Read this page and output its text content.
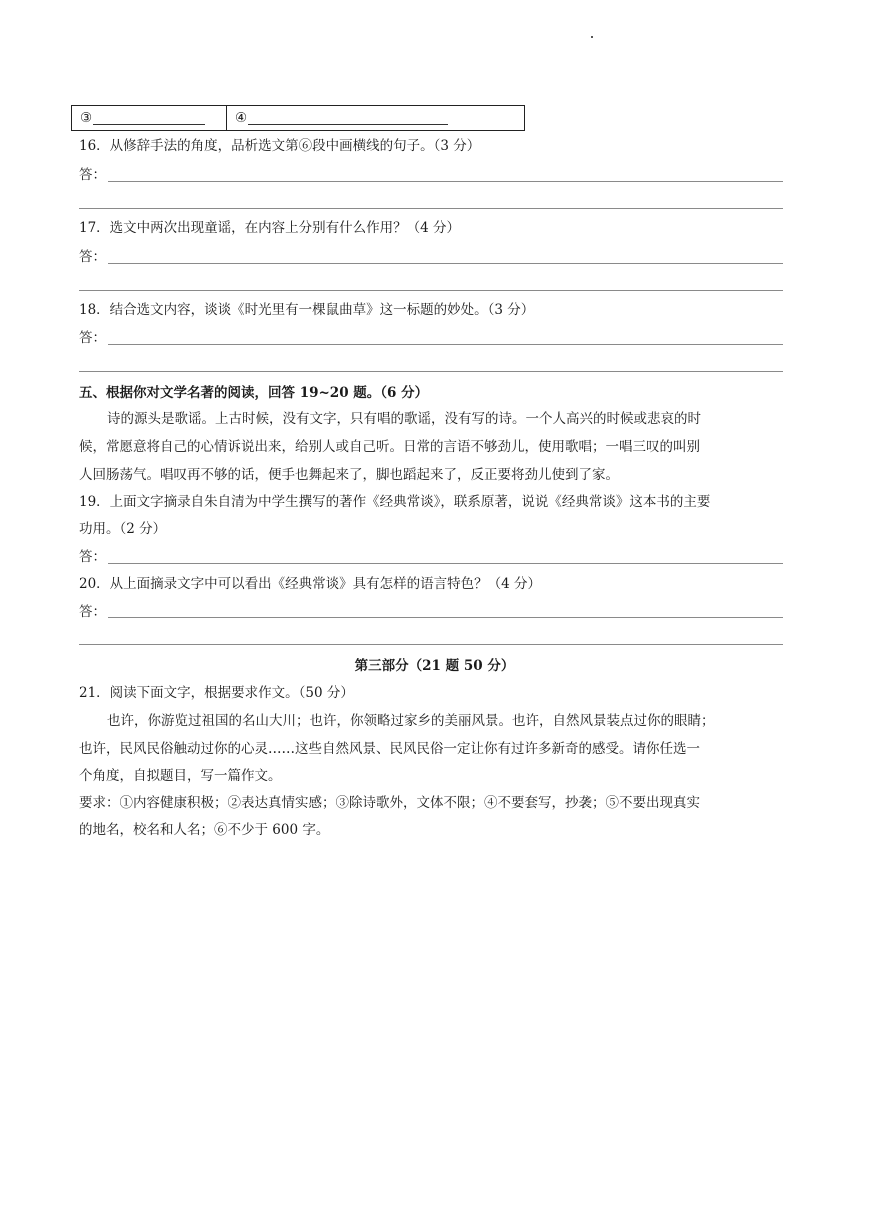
③	④
16．从修辞手法的角度，品析选文第⑥段中画横线的句子。（3 分）
答：
17．选文中两次出现童谣，在内容上分别有什么作用？（4 分）
答：
18．结合选文内容，谈谈《时光里有一棵鼠曲草》这一标题的妙处。（3 分）
答：
五、根据你对文学名著的阅读，回答 19~20 题。（6 分）
诗的源头是歌谣。上古时候，没有文字，只有唱的歌谣，没有写的诗。一个人高兴的时候或悲哀的时
候，常愿意将自己的心情诉说出来，给别人或自己听。日常的言语不够劲儿，使用歌唱；一唱三叹的叫别
人回肠荡气。唱叹再不够的话，便手也舞起来了，脚也蹈起来了，反正要将劲儿使到了家。
19．上面文字摘录自朱自清为中学生撰写的著作《经典常谈》，联系原著，说说《经典常谈》这本书的主要
功用。（2 分）
答：
20．从上面摘录文字中可以看出《经典常谈》具有怎样的语言特色？（4 分）
答：
第三部分（21 题 50 分）
21．阅读下面文字，根据要求作文。（50 分）
也许，你游览过祖国的名山大川；也许，你领略过家乡的美丽风景。也许，自然风景装点过你的眼睛；
也许，民风民俗触动过你的心灵……这些自然风景、民风民俗一定让你有过许多新奇的感受。请你任选一
个角度，自拟题目，写一篇作文。
要求：①内容健康积极；②表达真情实感；③除诗歌外，文体不限；④不要套写，抄袭；⑤不要出现真实
的地名，校名和人名；⑥不少于 600 字。
